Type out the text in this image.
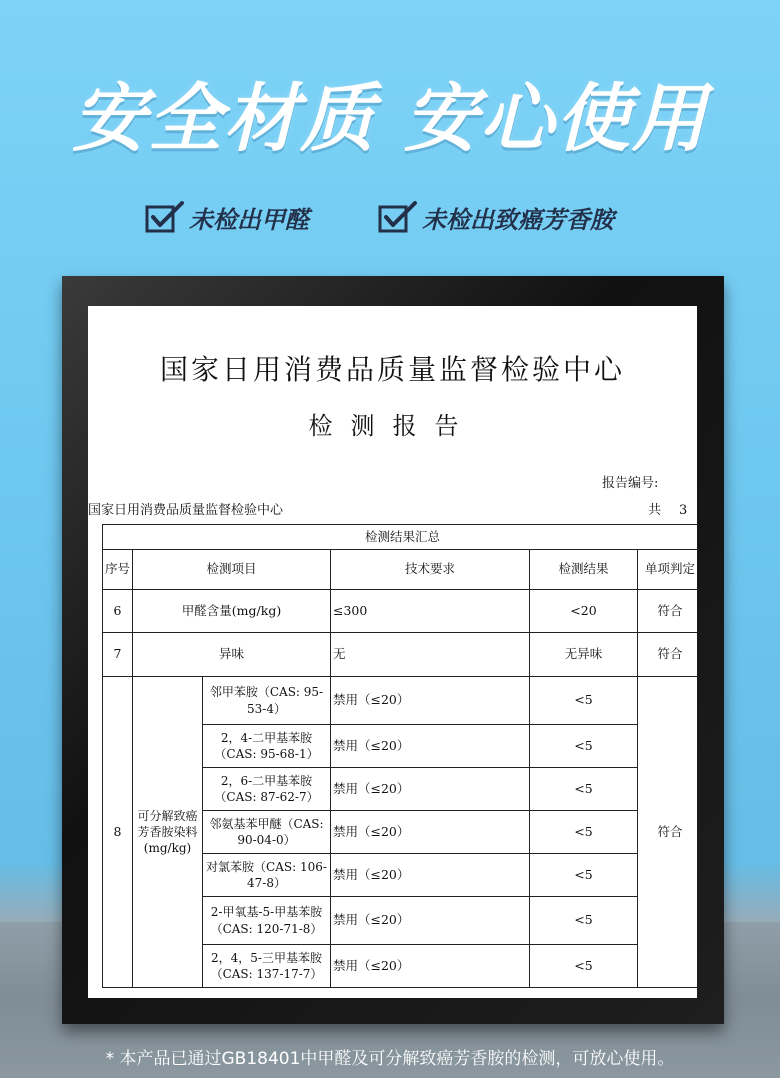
安全材质 安心使用
未检出甲醛	未检出致癌芳香胺
国家日用消费品质量监督检验中心
检测报告
报告编号:
国家日用消费品质量监督检验中心	共 3
检测结果汇总					
序号	检测项目		技术要求	检测结果	单项判定
6	甲醛含量(mg/kg)		≤300	<20	符合
7	异味		无	无异味	符合
8	可分解致癌芳香胺染料(mg/kg)	邻甲苯胺（CAS: 95-53-4）	禁用（≤20）	<5	符合
		2，4-二甲基苯胺（CAS: 95-68-1）	禁用（≤20）	<5	
		2，6-二甲基苯胺（CAS: 87-62-7）	禁用（≤20）	<5	
		邻氨基苯甲醚（CAS: 90-04-0）	禁用（≤20）	<5	
		对氯苯胺（CAS: 106-47-8）	禁用（≤20）	<5	
		2-甲氧基-5-甲基苯胺（CAS: 120-71-8）	禁用（≤20）	<5	
		2，4，5-三甲基苯胺（CAS: 137-17-7）	禁用（≤20）	<5	
* 本产品已通过GB18401中甲醛及可分解致癌芳香胺的检测，可放心使用。
